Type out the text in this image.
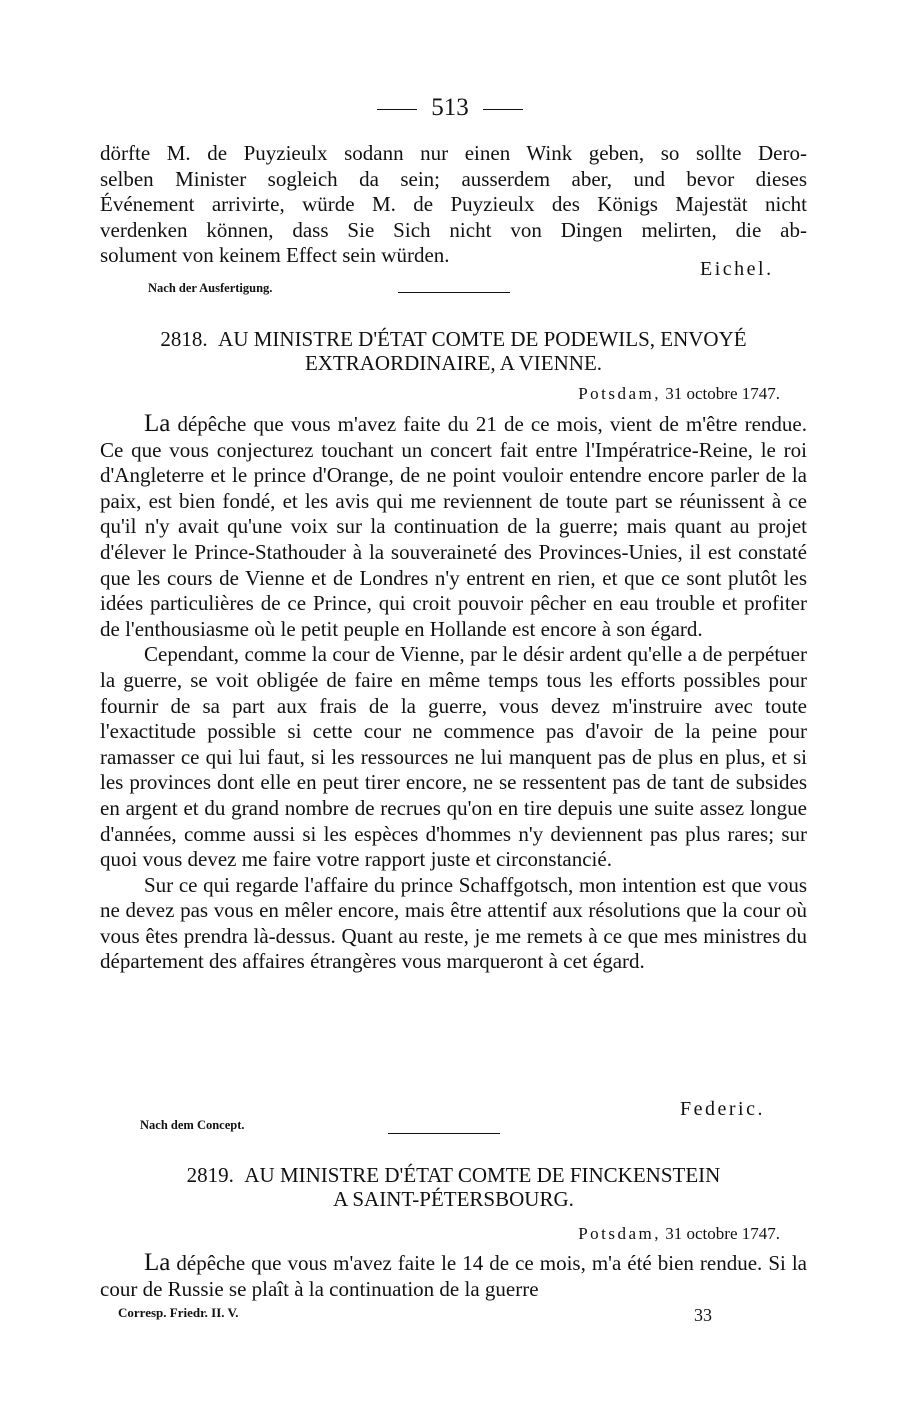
513
dörfte M. de Puyzieulx sodann nur einen Wink geben, so sollte Dero-
selben Minister sogleich da sein; ausserdem aber, und bevor dieses
Événement arrivirte, würde M. de Puyzieulx des Königs Majestät nicht
verdenken können, dass Sie Sich nicht von Dingen melirten, die ab-
solument von keinem Effect sein würden.
Eichel.
Nach der Ausfertigung.
2818. AU MINISTRE D'ÉTAT COMTE DE PODEWILS, ENVOYÉ
EXTRAORDINAIRE, A VIENNE.
Potsdam, 31 octobre 1747.

La dépêche que vous m'avez faite du 21 de ce mois, vient de m'être rendue. Ce que vous conjecturez touchant un concert fait entre l'Impératrice-Reine, le roi d'Angleterre et le prince d'Orange, de ne point vouloir entendre encore parler de la paix, est bien fondé, et les avis qui me reviennent de toute part se réunissent à ce qu'il n'y avait qu'une voix sur la continuation de la guerre; mais quant au projet d'élever le Prince-Stathouder à la souveraineté des Provinces-Unies, il est constaté que les cours de Vienne et de Londres n'y entrent en rien, et que ce sont plutôt les idées particulières de ce Prince, qui croit pouvoir pêcher en eau trouble et profiter de l'enthousiasme où le petit peuple en Hollande est encore à son égard.

Cependant, comme la cour de Vienne, par le désir ardent qu'elle a de perpétuer la guerre, se voit obligée de faire en même temps tous les efforts possibles pour fournir de sa part aux frais de la guerre, vous devez m'instruire avec toute l'exactitude possible si cette cour ne commence pas d'avoir de la peine pour ramasser ce qui lui faut, si les ressources ne lui manquent pas de plus en plus, et si les provinces dont elle en peut tirer encore, ne se ressentent pas de tant de subsides en argent et du grand nombre de recrues qu'on en tire depuis une suite assez longue d'années, comme aussi si les espèces d'hommes n'y deviennent pas plus rares; sur quoi vous devez me faire votre rapport juste et circonstancié.

Sur ce qui regarde l'affaire du prince Schaffgotsch, mon intention est que vous ne devez pas vous en mêler encore, mais être attentif aux résolutions que la cour où vous êtes prendra là-dessus. Quant au reste, je me remets à ce que mes ministres du département des affaires étrangères vous marqueront à cet égard.

Federic.
Nach dem Concept.
2819. AU MINISTRE D'ÉTAT COMTE DE FINCKENSTEIN
A SAINT-PÉTERSBOURG.
Potsdam, 31 octobre 1747.

La dépêche que vous m'avez faite le 14 de ce mois, m'a été bien rendue. Si la cour de Russie se plaît à la continuation de la guerre

Corresp. Friedr. II. V.	33
